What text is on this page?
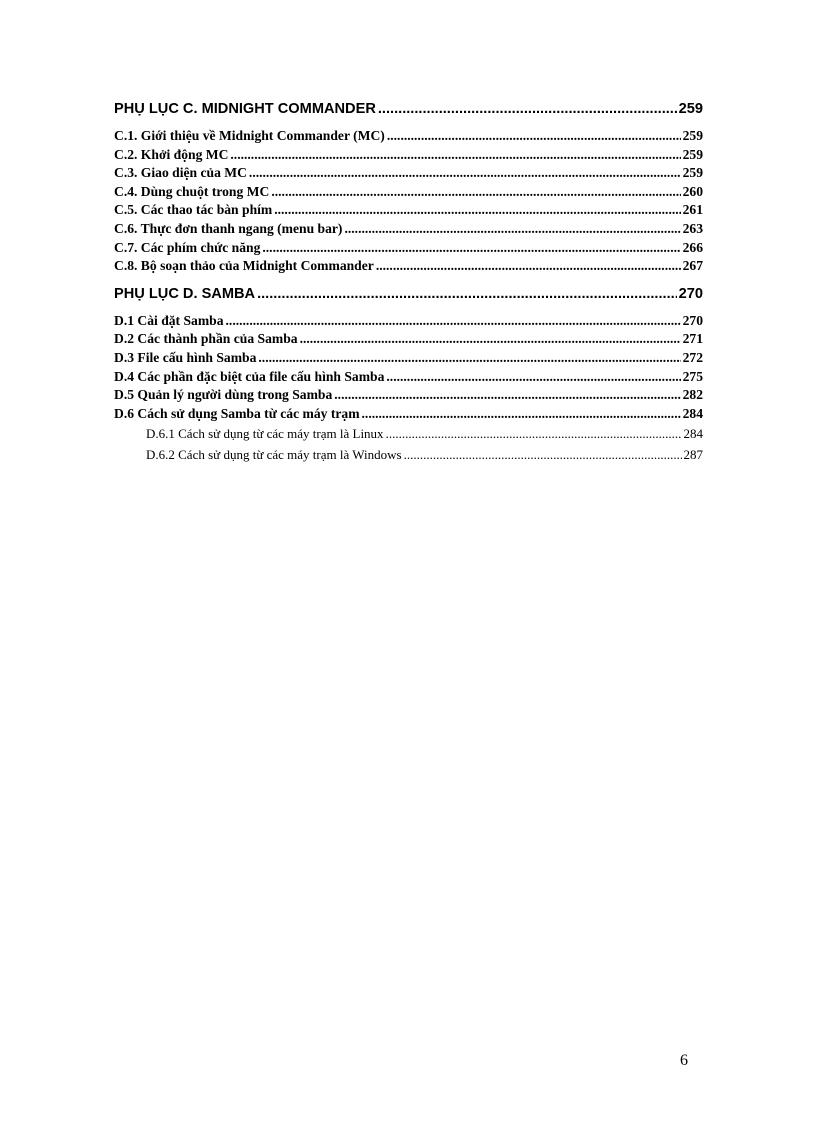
PHỤ LỤC C. MIDNIGHT COMMANDER .....	259
C.1. Giới thiệu về Midnight Commander (MC) .....	259
C.2. Khởi động MC .....	259
C.3. Giao diện của MC .....	259
C.4. Dùng chuột trong MC .....	260
C.5. Các thao tác bàn phím .....	261
C.6. Thực đơn thanh ngang (menu bar) .....	263
C.7. Các phím chức năng .....	266
C.8. Bộ soạn thảo của Midnight Commander .....	267
PHỤ LỤC D. SAMBA .....	270
D.1 Cài đặt Samba .....	270
D.2 Các thành phần của Samba .....	271
D.3 File cấu hình Samba .....	272
D.4 Các phần đặc biệt của file cấu hình Samba .....	275
D.5 Quản lý người dùng trong Samba .....	282
D.6 Cách sử dụng Samba từ các máy trạm .....	284
D.6.1 Cách sử dụng từ các máy trạm là Linux .....	284
D.6.2 Cách sử dụng từ các máy trạm là Windows .....	287
6
